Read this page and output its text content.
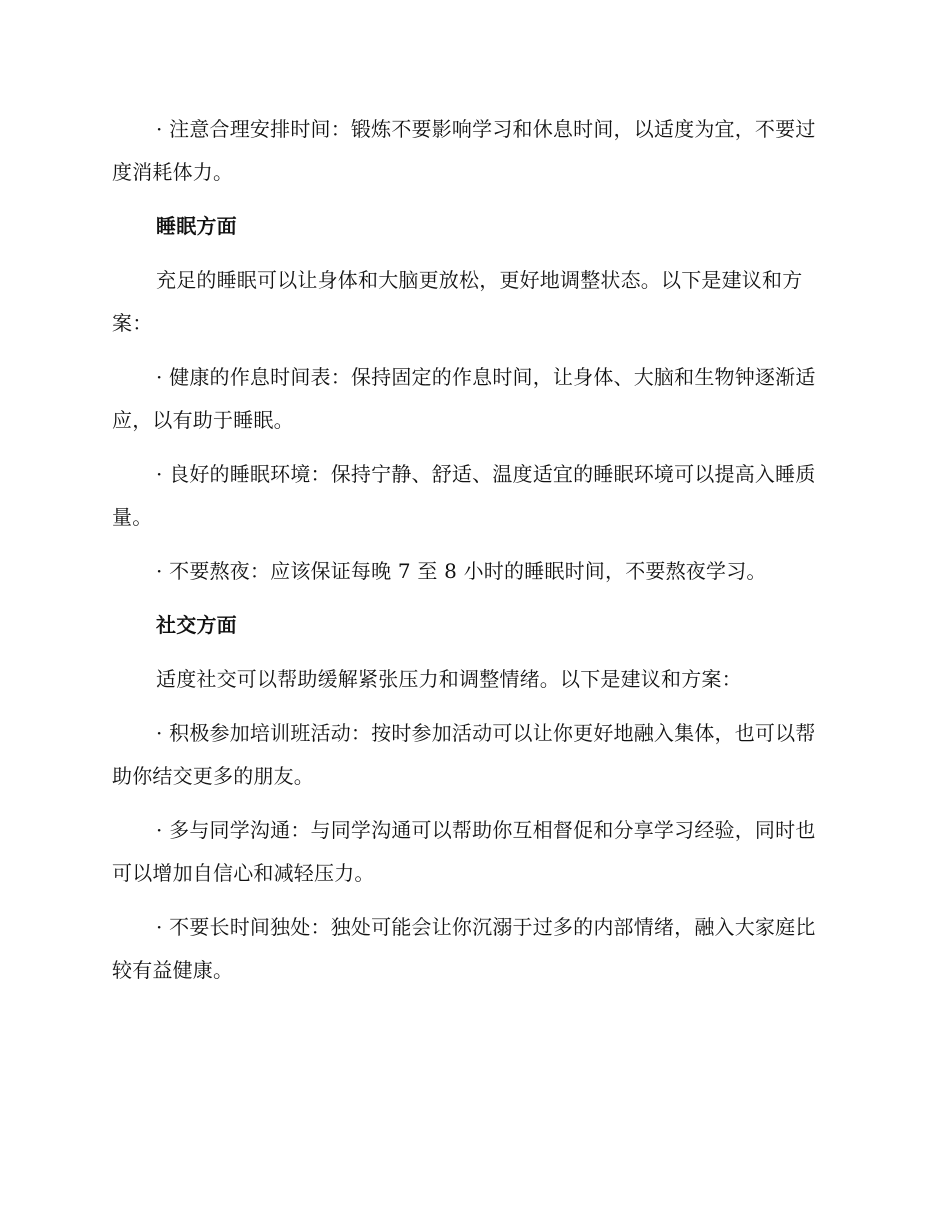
· 注意合理安排时间：锻炼不要影响学习和休息时间，以适度为宜，不要过度消耗体力。

睡眠方面

充足的睡眠可以让身体和大脑更放松，更好地调整状态。以下是建议和方案：

· 健康的作息时间表：保持固定的作息时间，让身体、大脑和生物钟逐渐适应，以有助于睡眠。

· 良好的睡眠环境：保持宁静、舒适、温度适宜的睡眠环境可以提高入睡质量。

· 不要熬夜：应该保证每晚 7 至 8 小时的睡眠时间，不要熬夜学习。

社交方面

适度社交可以帮助缓解紧张压力和调整情绪。以下是建议和方案：

· 积极参加培训班活动：按时参加活动可以让你更好地融入集体，也可以帮助你结交更多的朋友。

· 多与同学沟通：与同学沟通可以帮助你互相督促和分享学习经验，同时也可以增加自信心和减轻压力。

· 不要长时间独处：独处可能会让你沉溺于过多的内部情绪，融入大家庭比较有益健康。
